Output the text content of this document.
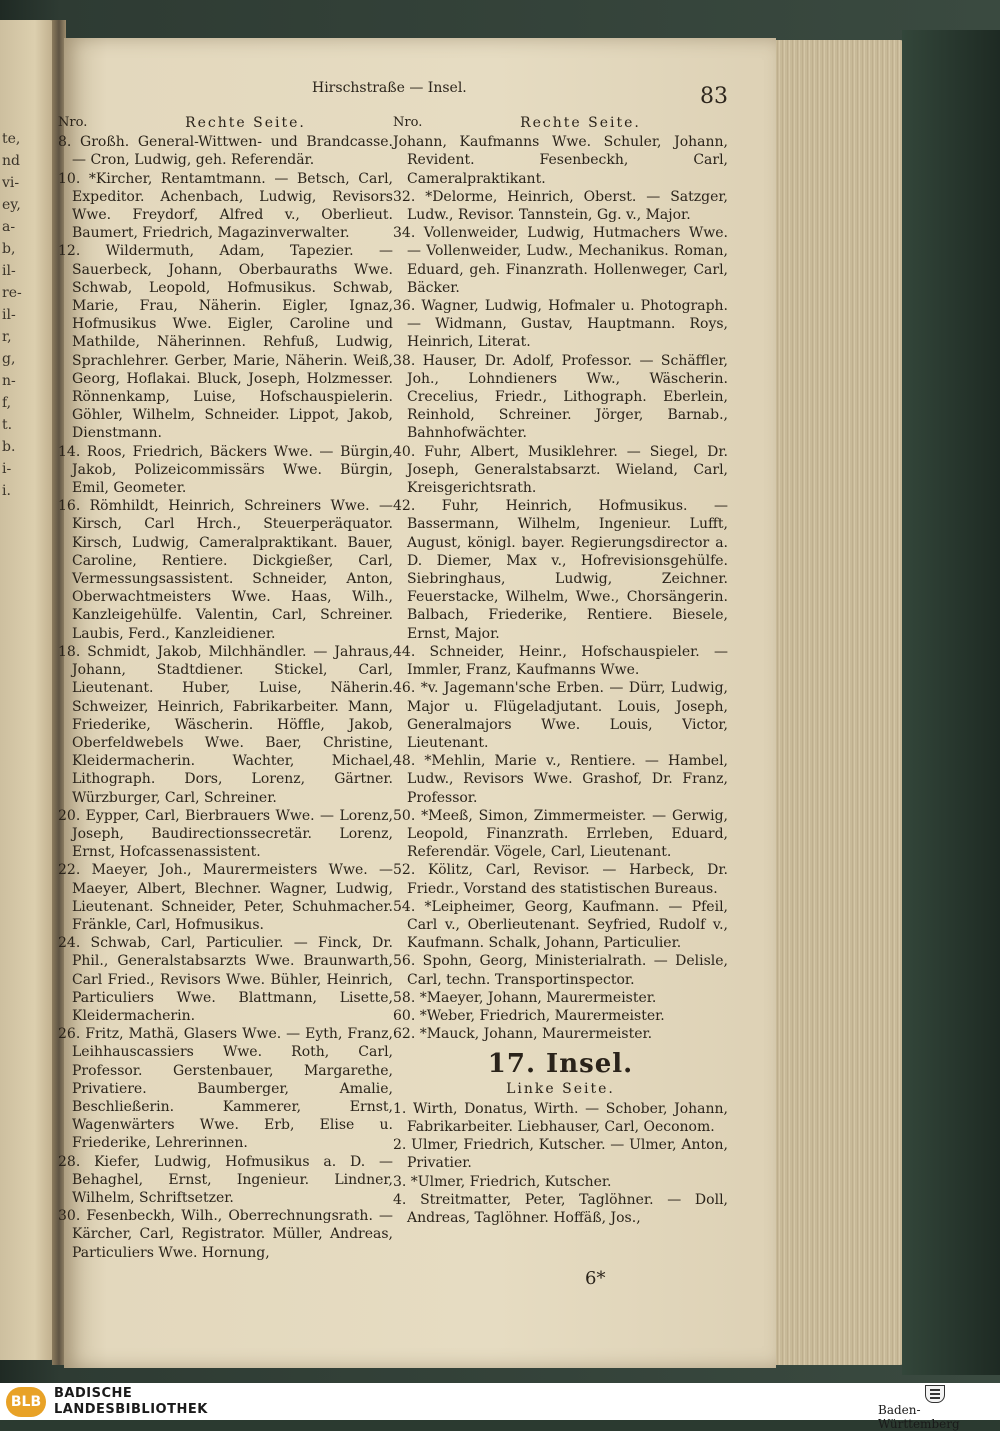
te,
nd
vi-
ey,
a-
b,
il-
re-
il-
r,
g,
n-
f,
t.
b.
i-
i.
Hirschstraße — Insel.	83
Nro.	Rechte Seite.

8. Großh. General-Wittwen- und Brandcasse. — Cron, Ludwig, geh. Referendär.

10. *Kircher, Rentamtmann. — Betsch, Carl, Expeditor. Achenbach, Ludwig, Revisors Wwe. Freydorf, Alfred v., Oberlieut. Baumert, Friedrich, Magazinverwalter.

12. Wildermuth, Adam, Tapezier. — Sauerbeck, Johann, Oberbauraths Wwe. Schwab, Leopold, Hofmusikus. Schwab, Marie, Frau, Näherin. Eigler, Ignaz, Hofmusikus Wwe. Eigler, Caroline und Mathilde, Näherinnen. Rehfuß, Ludwig, Sprachlehrer. Gerber, Marie, Näherin. Weiß, Georg, Hoflakai. Bluck, Joseph, Holzmesser. Rönnenkamp, Luise, Hofschauspielerin. Göhler, Wilhelm, Schneider. Lippot, Jakob, Dienstmann.

14. Roos, Friedrich, Bäckers Wwe. — Bürgin, Jakob, Polizeicommissärs Wwe. Bürgin, Emil, Geometer.

16. Römhildt, Heinrich, Schreiners Wwe. — Kirsch, Carl Hrch., Steuerperäquator. Kirsch, Ludwig, Cameralpraktikant. Bauer, Caroline, Rentiere. Dickgießer, Carl, Vermessungsassistent. Schneider, Anton, Oberwachtmeisters Wwe. Haas, Wilh., Kanzleigehülfe. Valentin, Carl, Schreiner. Laubis, Ferd., Kanzleidiener.

18. Schmidt, Jakob, Milchhändler. — Jahraus, Johann, Stadtdiener. Stickel, Carl, Lieutenant. Huber, Luise, Näherin. Schweizer, Heinrich, Fabrikarbeiter. Mann, Friederike, Wäscherin. Höffle, Jakob, Oberfeldwebels Wwe. Baer, Christine, Kleidermacherin. Wachter, Michael, Lithograph. Dors, Lorenz, Gärtner. Würzburger, Carl, Schreiner.

20. Eypper, Carl, Bierbrauers Wwe. — Lorenz, Joseph, Baudirectionssecretär. Lorenz, Ernst, Hofcassenassistent.

22. Maeyer, Joh., Maurermeisters Wwe. — Maeyer, Albert, Blechner. Wagner, Ludwig, Lieutenant. Schneider, Peter, Schuhmacher. Fränkle, Carl, Hofmusikus.

24. Schwab, Carl, Particulier. — Finck, Dr. Phil., Generalstabsarzts Wwe. Braunwarth, Carl Fried., Revisors Wwe. Bühler, Heinrich, Particuliers Wwe. Blattmann, Lisette, Kleidermacherin.

26. Fritz, Mathä, Glasers Wwe. — Eyth, Franz, Leihhauscassiers Wwe. Roth, Carl, Professor. Gerstenbauer, Margarethe, Privatiere. Baumberger, Amalie, Beschließerin. Kammerer, Ernst, Wagenwärters Wwe. Erb, Elise u. Friederike, Lehrerinnen.

28. Kiefer, Ludwig, Hofmusikus a. D. — Behaghel, Ernst, Ingenieur. Lindner, Wilhelm, Schriftsetzer.

30. Fesenbeckh, Wilh., Oberrechnungsrath. — Kärcher, Carl, Registrator. Müller, Andreas, Particuliers Wwe. Hornung,

Nro.	Rechte Seite.

Johann, Kaufmanns Wwe. Schuler, Johann, Revident. Fesenbeckh, Carl, Cameralpraktikant.

32. *Delorme, Heinrich, Oberst. — Satzger, Ludw., Revisor. Tannstein, Gg. v., Major.

34. Vollenweider, Ludwig, Hutmachers Wwe. — Vollenweider, Ludw., Mechanikus. Roman, Eduard, geh. Finanzrath. Hollenweger, Carl, Bäcker.

36. Wagner, Ludwig, Hofmaler u. Photograph. — Widmann, Gustav, Hauptmann. Roys, Heinrich, Literat.

38. Hauser, Dr. Adolf, Professor. — Schäffler, Joh., Lohndieners Ww., Wäscherin. Crecelius, Friedr., Lithograph. Eberlein, Reinhold, Schreiner. Jörger, Barnab., Bahnhofwächter.

40. Fuhr, Albert, Musiklehrer. — Siegel, Dr. Joseph, Generalstabsarzt. Wieland, Carl, Kreisgerichtsrath.

42. Fuhr, Heinrich, Hofmusikus. — Bassermann, Wilhelm, Ingenieur. Lufft, August, königl. bayer. Regierungsdirector a. D. Diemer, Max v., Hofrevisionsgehülfe. Siebringhaus, Ludwig, Zeichner. Feuerstacke, Wilhelm, Wwe., Chorsängerin. Balbach, Friederike, Rentiere. Biesele, Ernst, Major.

44. Schneider, Heinr., Hofschauspieler. — Immler, Franz, Kaufmanns Wwe.

46. *v. Jagemann'sche Erben. — Dürr, Ludwig, Major u. Flügeladjutant. Louis, Joseph, Generalmajors Wwe. Louis, Victor, Lieutenant.

48. *Mehlin, Marie v., Rentiere. — Hambel, Ludw., Revisors Wwe. Grashof, Dr. Franz, Professor.

50. *Meeß, Simon, Zimmermeister. — Gerwig, Leopold, Finanzrath. Errleben, Eduard, Referendär. Vögele, Carl, Lieutenant.

52. Kölitz, Carl, Revisor. — Harbeck, Dr. Friedr., Vorstand des statistischen Bureaus.

54. *Leipheimer, Georg, Kaufmann. — Pfeil, Carl v., Oberlieutenant. Seyfried, Rudolf v., Kaufmann. Schalk, Johann, Particulier.

56. Spohn, Georg, Ministerialrath. — Delisle, Carl, techn. Transportinspector.

58. *Maeyer, Johann, Maurermeister.

60. *Weber, Friedrich, Maurermeister.

62. *Mauck, Johann, Maurermeister.

17. Insel.
Linke Seite.

1. Wirth, Donatus, Wirth. — Schober, Johann, Fabrikarbeiter. Liebhauser, Carl, Oeconom.

2. Ulmer, Friedrich, Kutscher. — Ulmer, Anton, Privatier.

3. *Ulmer, Friedrich, Kutscher.

4. Streitmatter, Peter, Taglöhner. — Doll, Andreas, Taglöhner. Hoffäß, Jos.,

6*
BLB
BADISCHE
LANDESBIBLIOTHEK	Baden-Württemberg
